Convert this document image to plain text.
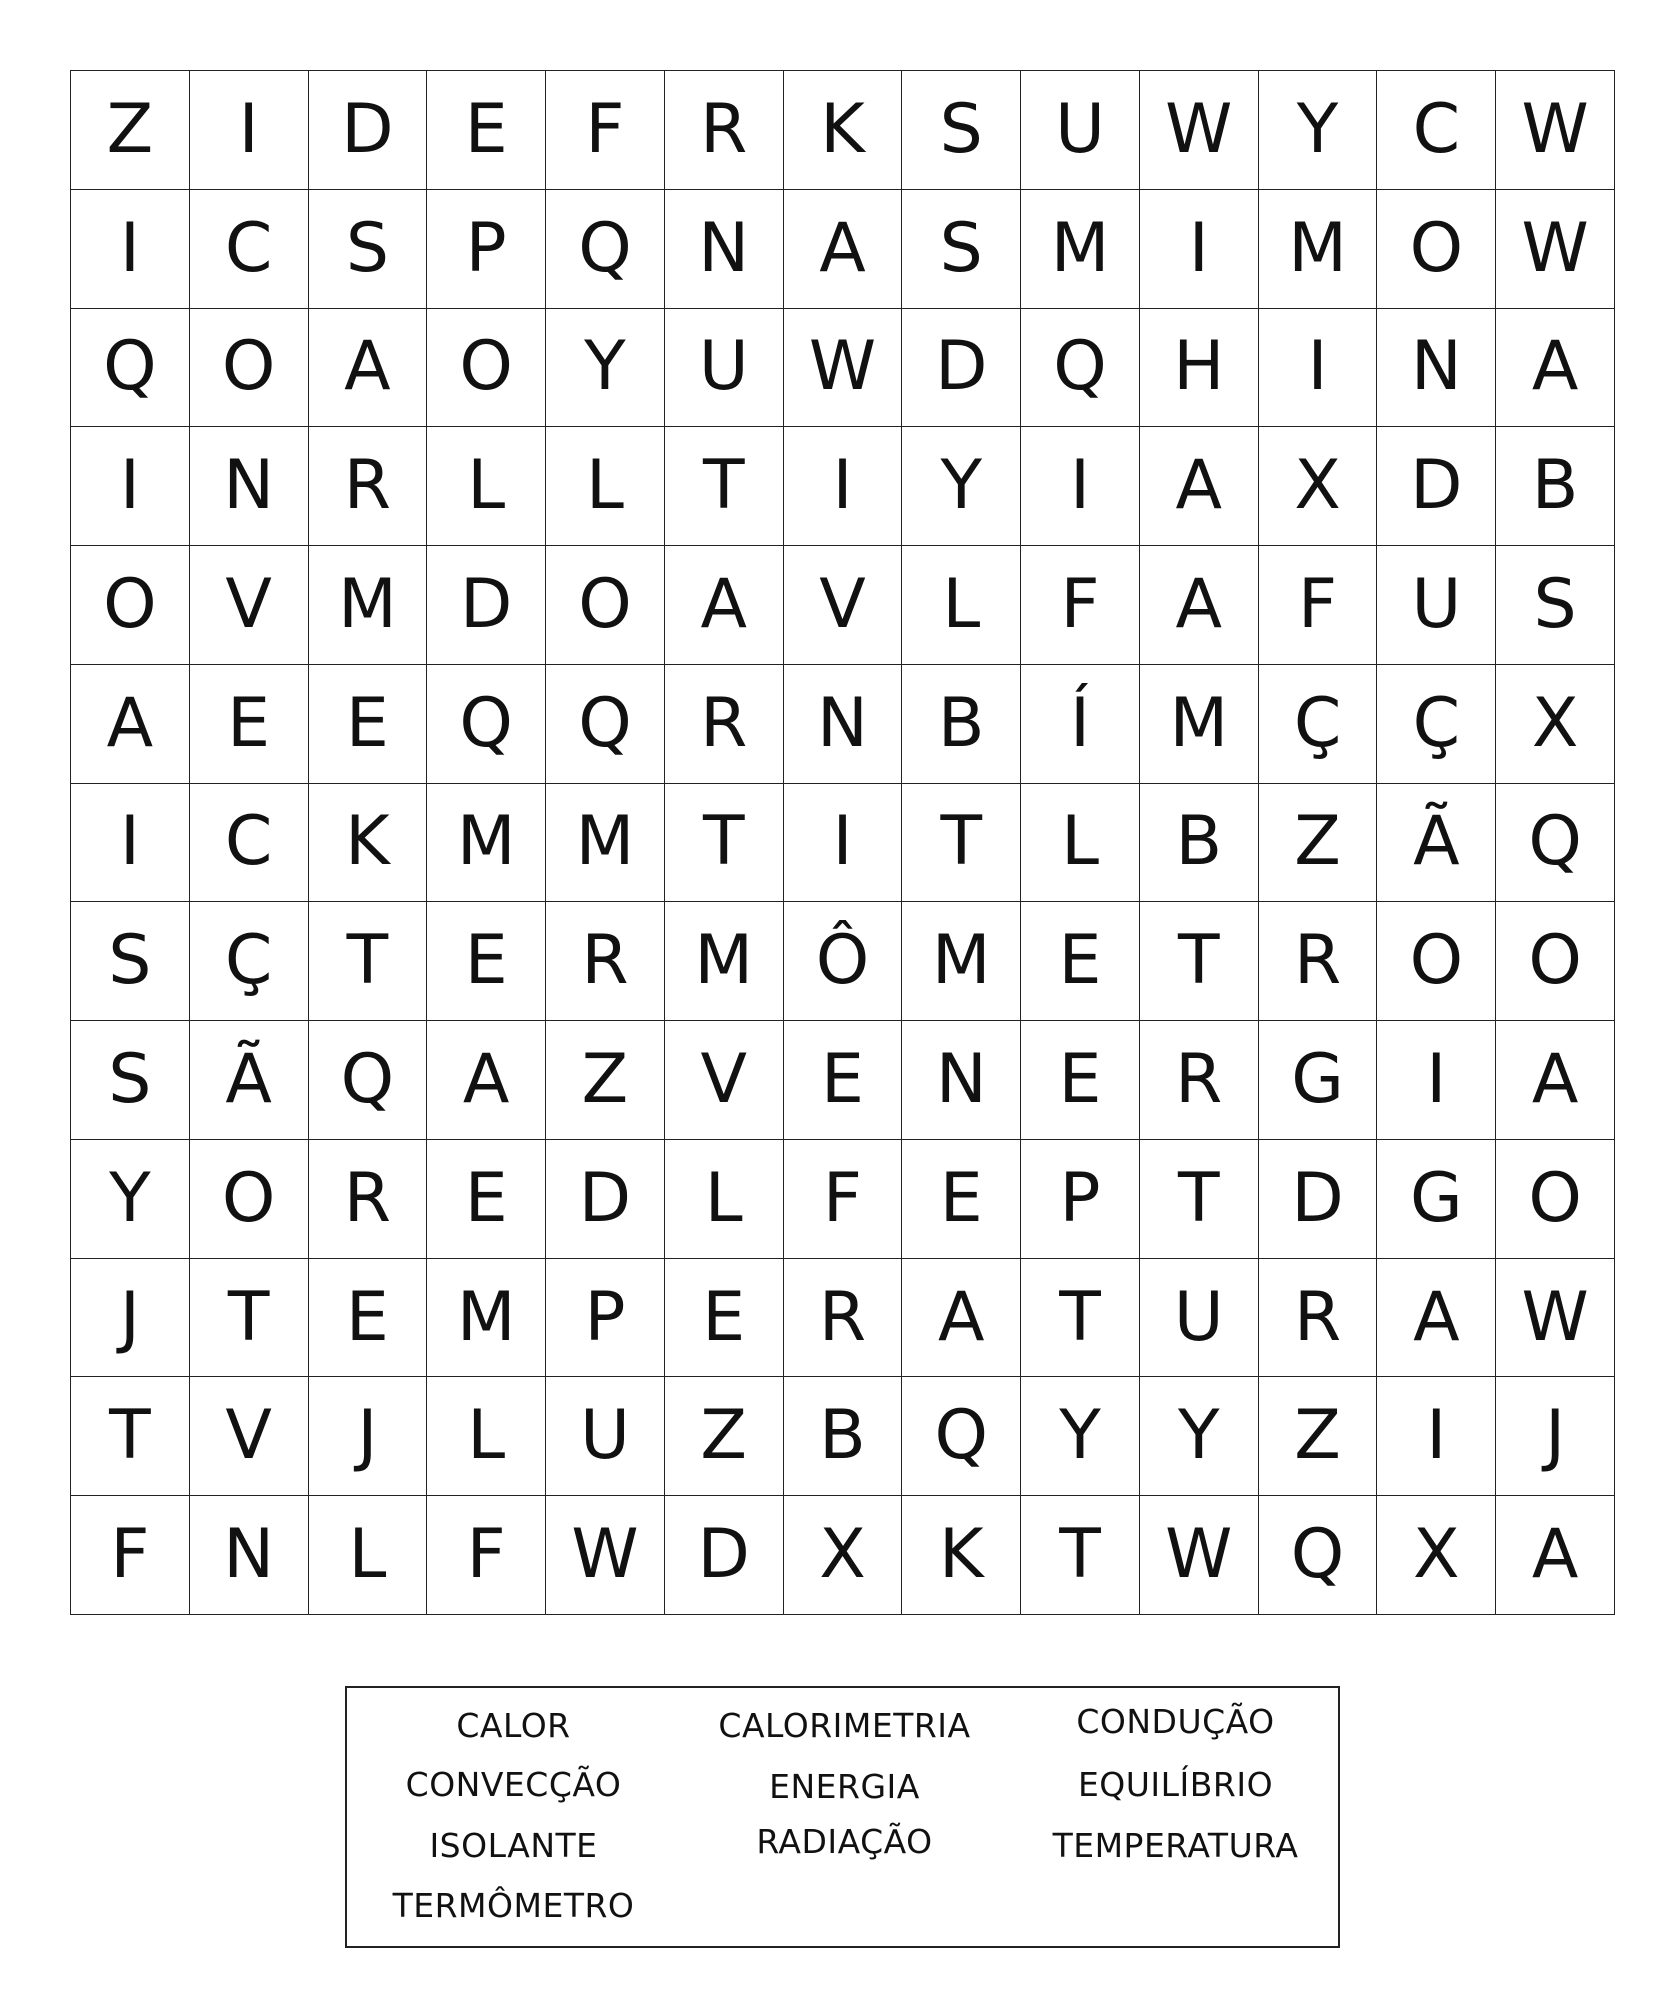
Z	I	D	E	F	R	K	S	U W Y	C W
I	C	S	P	Q N	A	S M	I	M O W
Q O	A	O	Y	U W D Q H	I	N	A
I	N	R	L	L	T	I	Y	I	A	X	D	B
O	V M D O	A	V	L	F	A	F	U	S
A	E	E	Q Q	R	N	B	Í	M Ç	Ç	X
I	C	K M M	T	I	T	L	B	Z	Ã	Q
S	Ç	T	E	R M Ô M E	T	R	O O
S	Ã	Q	A	Z	V	E	N	E	R	G	I	A
Y	O	R	E	D	L	F	E	P	T	D G O
J	T	E M	P	E	R	A	T	U	R	A W
T	V	J	L	U	Z	B	Q	Y	Y	Z	I	J
F	N	L	F W D	X	K	T W Q	X	A
CALOR
CONVECÇÃO
ISOLANTE
TERMÔMETRO
CALORIMETRIA
ENERGIA
RADIAÇÃO
CONDUÇÃO
EQUILÍBRIO
TEMPERATURA
